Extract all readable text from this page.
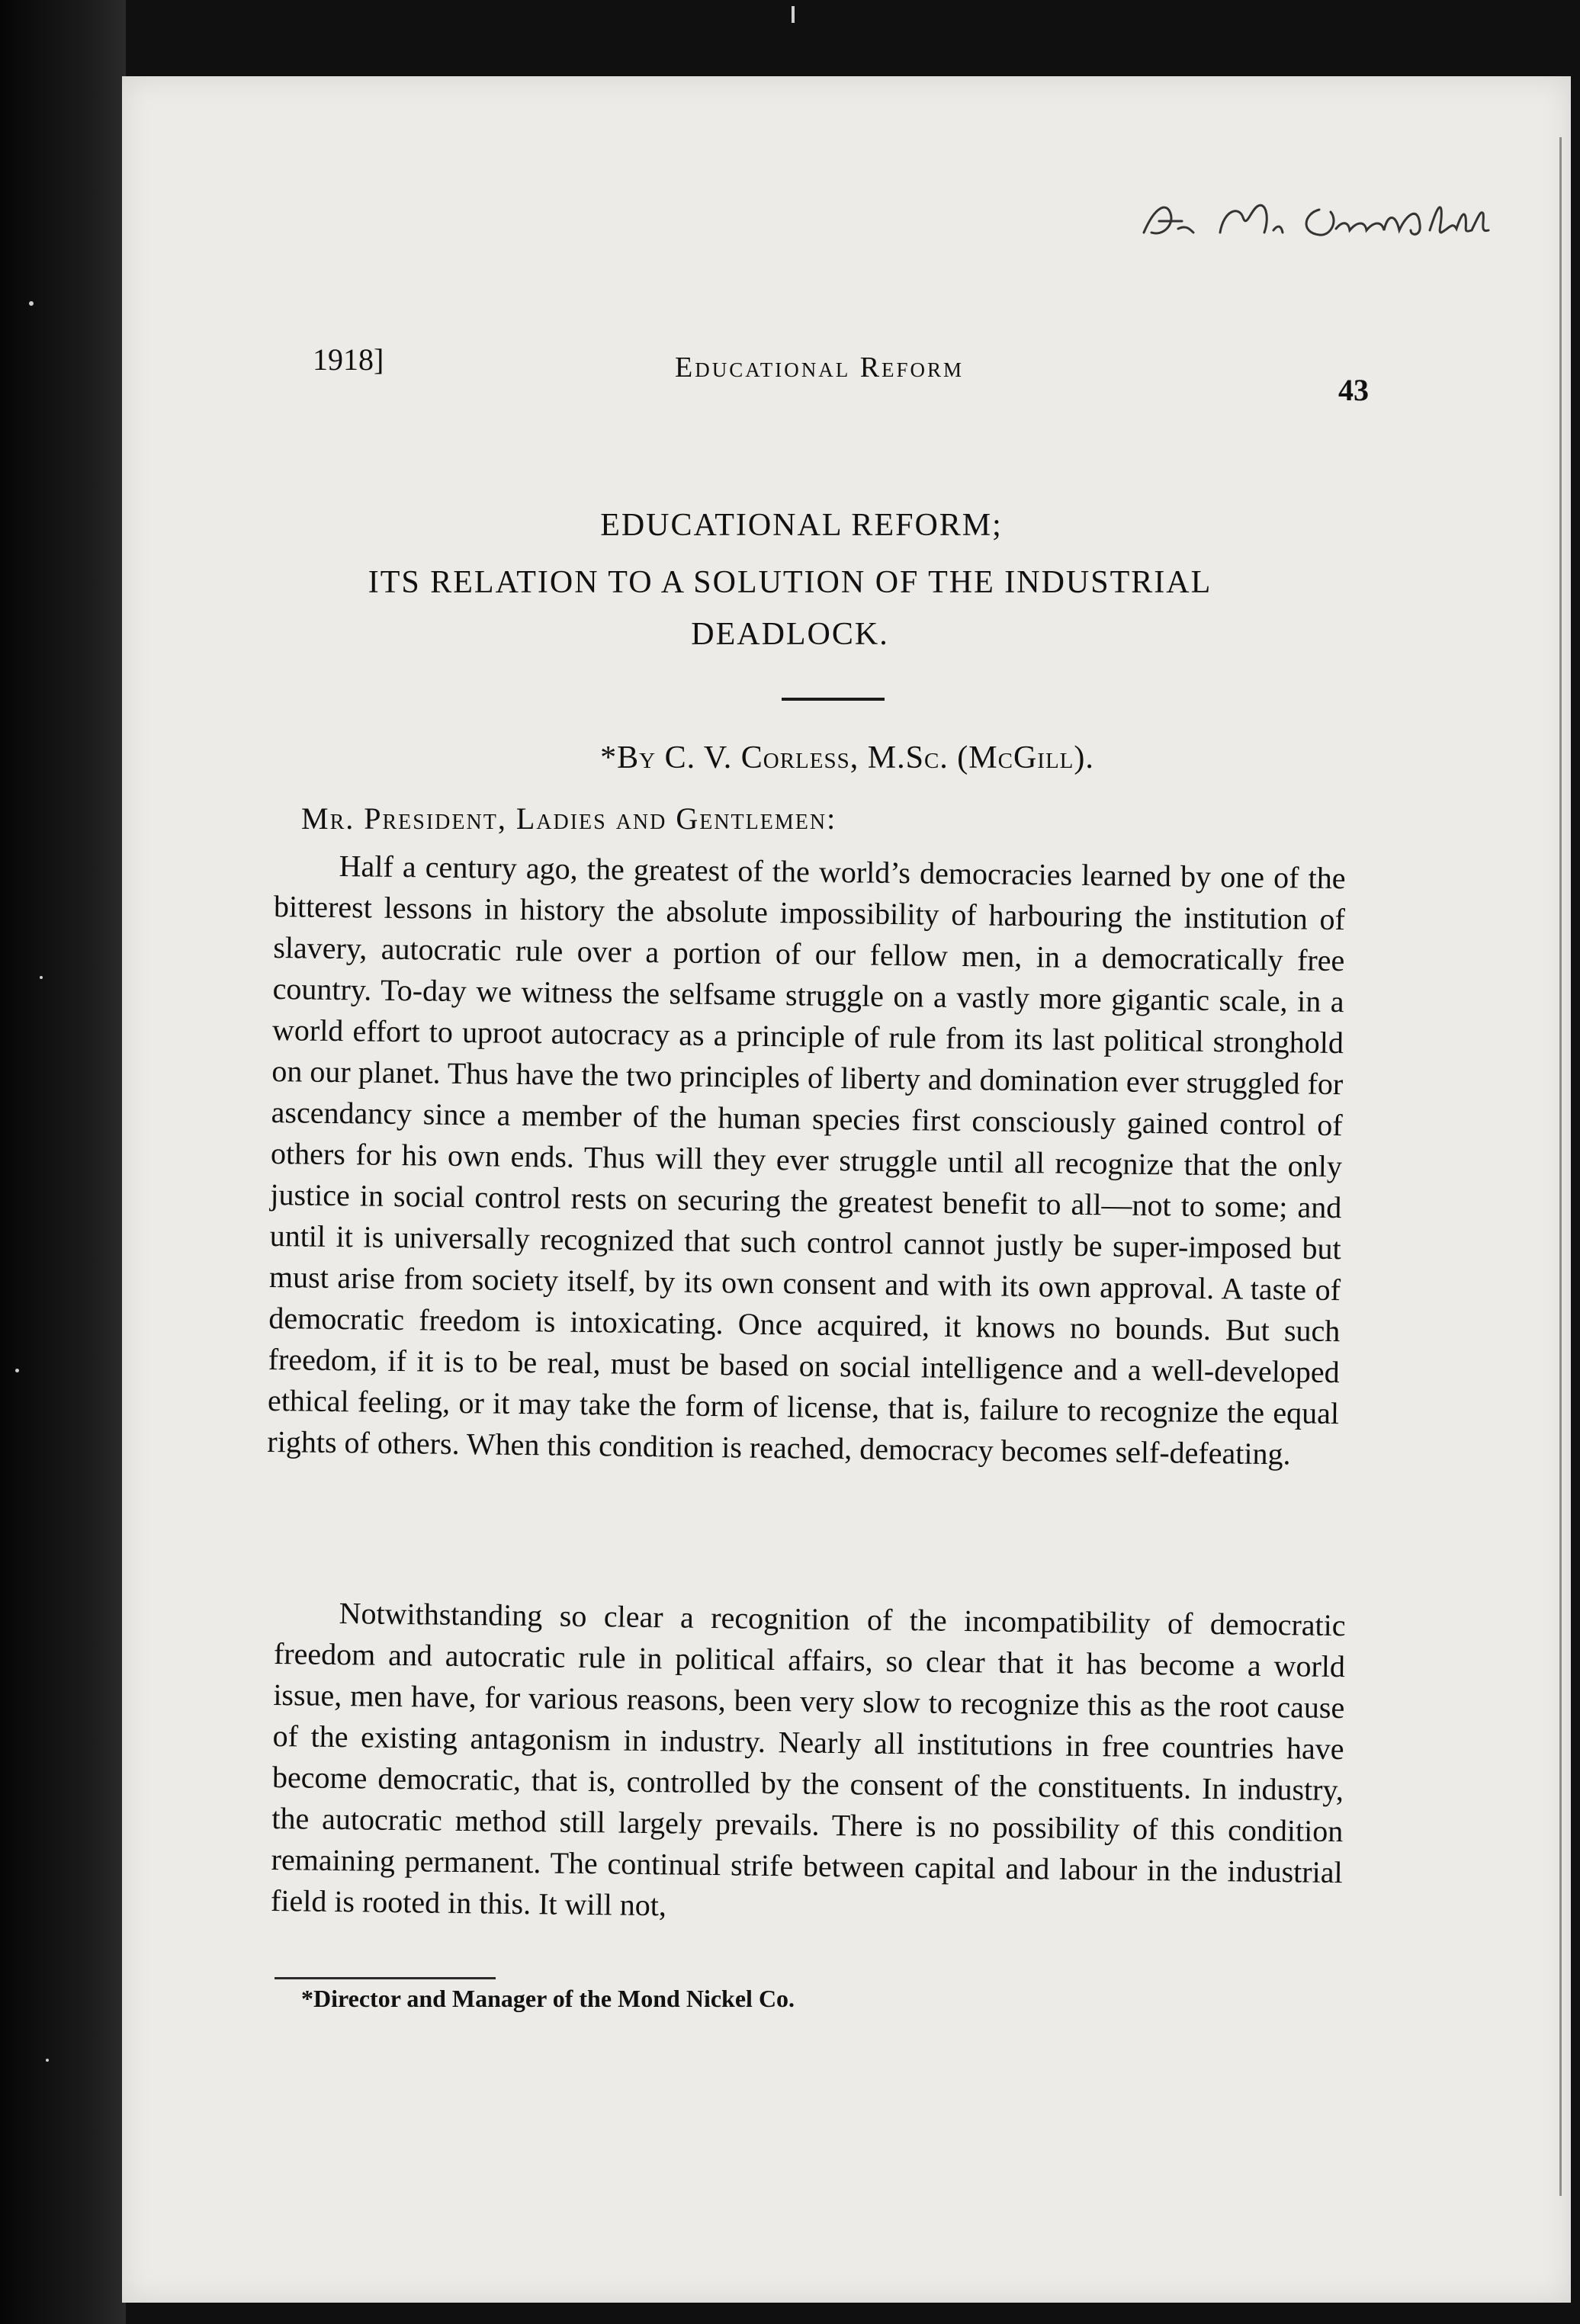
1918]	Educational Reform
43
EDUCATIONAL REFORM;
ITS RELATION TO A SOLUTION OF THE INDUSTRIAL
DEADLOCK.
*By C. V. Corless, M.Sc. (McGill).
Mr. President, Ladies and Gentlemen:
Half a century ago, the greatest of the world’s democracies learned by one of the bitterest lessons in history the absolute impossibility of harbouring the institution of slavery, autocratic rule over a portion of our fellow men, in a democratically free country. To-day we witness the selfsame struggle on a vastly more gigantic scale, in a world effort to uproot autocracy as a principle of rule from its last political stronghold on our planet. Thus have the two principles of liberty and domination ever struggled for ascendancy since a member of the human species first consciously gained control of others for his own ends. Thus will they ever struggle until all recognize that the only justice in social control rests on securing the greatest benefit to all—not to some; and until it is universally recognized that such control cannot justly be super-imposed but must arise from society itself, by its own consent and with its own approval. A taste of democratic freedom is intoxicating. Once acquired, it knows no bounds. But such freedom, if it is to be real, must be based on social intelligence and a well-developed ethical feeling, or it may take the form of license, that is, failure to recognize the equal rights of others. When this condition is reached, democracy becomes self-defeating.
Notwithstanding so clear a recognition of the incompatibility of democratic freedom and autocratic rule in political affairs, so clear that it has become a world issue, men have, for various reasons, been very slow to recognize this as the root cause of the existing antagonism in industry. Nearly all institutions in free countries have become democratic, that is, controlled by the consent of the constituents. In industry, the autocratic method still largely prevails. There is no possibility of this condition remaining permanent. The continual strife between capital and labour in the industrial field is rooted in this. It will not,
*Director and Manager of the Mond Nickel Co.
